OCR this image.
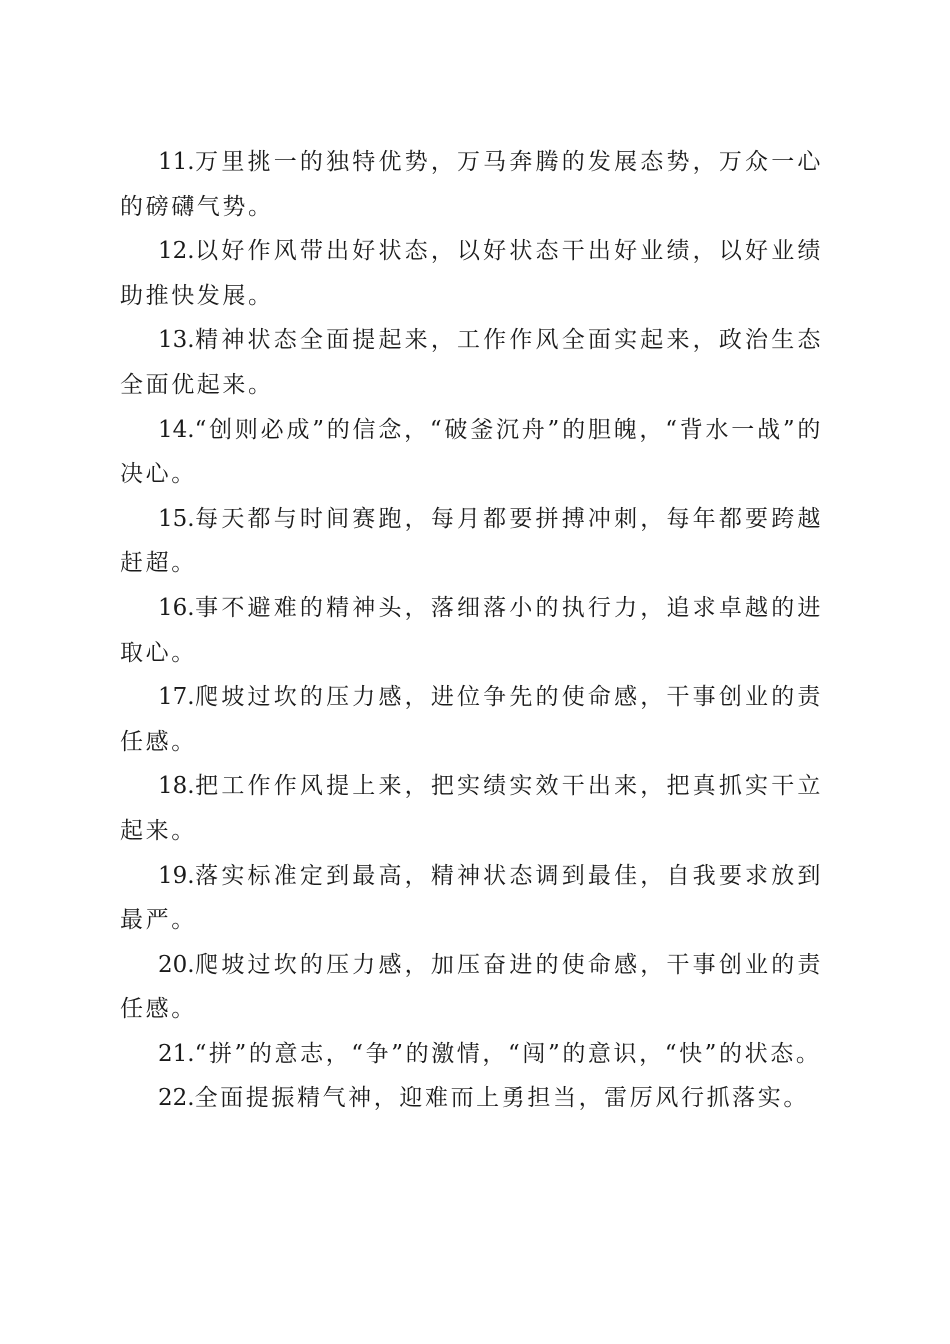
11.万里挑一的独特优势，万马奔腾的发展态势，万众一心的磅礴气势。

12.以好作风带出好状态，以好状态干出好业绩，以好业绩助推快发展。

13.精神状态全面提起来，工作作风全面实起来，政治生态全面优起来。

14.“创则必成”的信念，“破釜沉舟”的胆魄，“背水一战”的决心。

15.每天都与时间赛跑，每月都要拼搏冲刺，每年都要跨越赶超。

16.事不避难的精神头，落细落小的执行力，追求卓越的进取心。

17.爬坡过坎的压力感，进位争先的使命感，干事创业的责任感。

18.把工作作风提上来，把实绩实效干出来，把真抓实干立起来。

19.落实标准定到最高，精神状态调到最佳，自我要求放到最严。

20.爬坡过坎的压力感，加压奋进的使命感，干事创业的责任感。

21.“拼”的意志，“争”的激情，“闯”的意识，“快”的状态。

22.全面提振精气神，迎难而上勇担当，雷厉风行抓落实。
